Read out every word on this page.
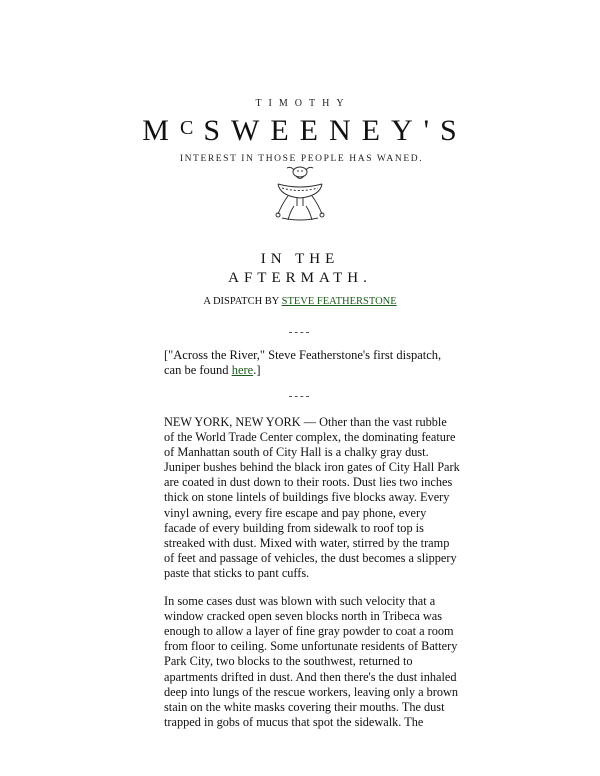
TIMOTHY
$M^CSWEENEY'S$
INTEREST IN THOSE PEOPLE HAS WANED.
IN THE
AFTERMATH.
A DISPATCH BY STEVE FEATHERSTONE
----
["Across the River," Steve Featherstone's first dispatch, can be found here.]
----

NEW YORK, NEW YORK — Other than the vast rubble of the World Trade Center complex, the dominating feature of Manhattan south of City Hall is a chalky gray dust. Juniper bushes behind the black iron gates of City Hall Park are coated in dust down to their roots. Dust lies two inches thick on stone lintels of buildings five blocks away. Every vinyl awning, every fire escape and pay phone, every facade of every building from sidewalk to roof top is streaked with dust. Mixed with water, stirred by the tramp of feet and passage of vehicles, the dust becomes a slippery paste that sticks to pant cuffs.

In some cases dust was blown with such velocity that a window cracked open seven blocks north in Tribeca was enough to allow a layer of fine gray powder to coat a room from floor to ceiling. Some unfortunate residents of Battery Park City, two blocks to the southwest, returned to apartments drifted in dust. And then there's the dust inhaled deep into lungs of the rescue workers, leaving only a brown stain on the white masks covering their mouths. The dust trapped in gobs of mucus that spot the sidewalk. The
